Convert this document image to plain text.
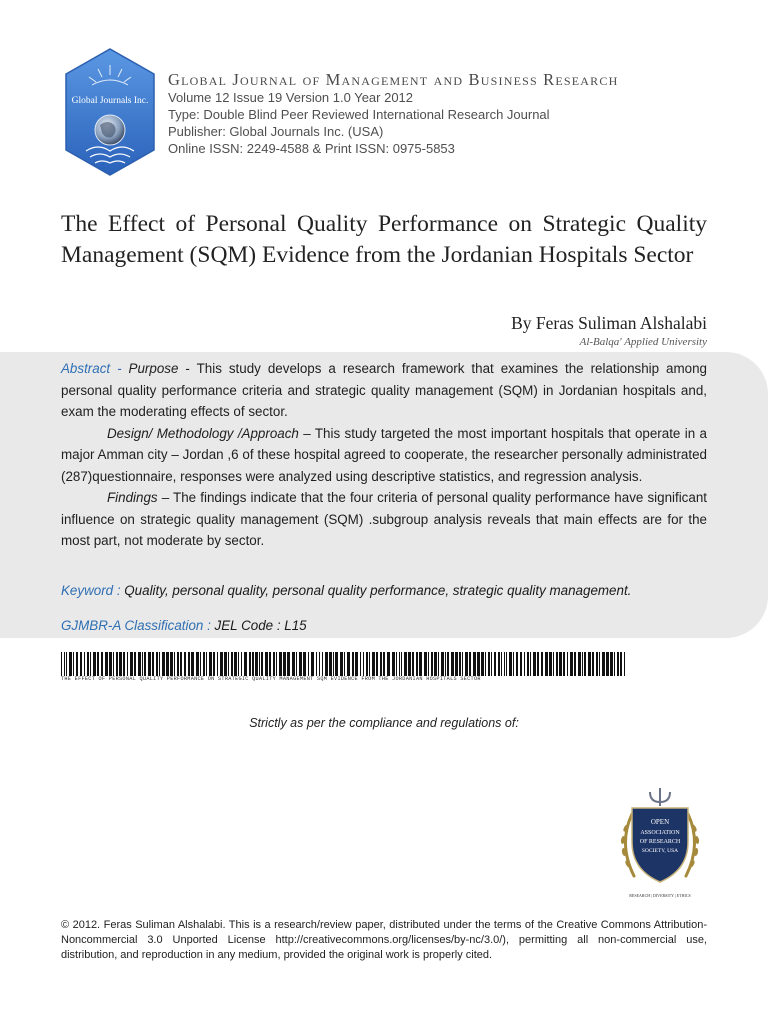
Global Journals Inc.
Global Journal of Management and Business Research
Volume 12 Issue 19 Version 1.0 Year 2012
Type: Double Blind Peer Reviewed International Research Journal
Publisher: Global Journals Inc. (USA)
Online ISSN: 2249-4588 & Print ISSN: 0975-5853
The Effect of Personal Quality Performance on Strategic Quality Management (SQM) Evidence from the Jordanian Hospitals Sector
By Feras Suliman Alshalabi
Al-Balqa' Applied University

Abstract - Purpose - This study develops a research framework that examines the relationship among personal quality performance criteria and strategic quality management (SQM) in Jordanian hospitals and, exam the moderating effects of sector.

Design/ Methodology /Approach – This study targeted the most important hospitals that operate in a major Amman city – Jordan ,6 of these hospital agreed to cooperate, the researcher personally administrated (287)questionnaire, responses were analyzed using descriptive statistics, and regression analysis.

Findings – The findings indicate that the four criteria of personal quality performance have significant influence on strategic quality management (SQM) .subgroup analysis reveals that main effects are for the most part, not moderate by sector.

Keyword : Quality, personal quality, personal quality performance, strategic quality management.
GJMBR-A Classification : JEL Code : L15
THE EFFECT OF PERSONAL QUALITY PERFORMANCE ON STRATEGIC QUALITY MANAGEMENT SQM EVIDENCE FROM THE JORDANIAN HOSPITALS SECTOR
Strictly as per the compliance and regulations of:
OPEN
ASSOCIATION
OF RESEARCH
SOCIETY, USA
RESEARCH | DIVERSITY | ETHICS
© 2012. Feras Suliman Alshalabi. This is a research/review paper, distributed under the terms of the Creative Commons Attribution-Noncommercial 3.0 Unported License http://creativecommons.org/licenses/by-nc/3.0/), permitting all non-commercial use, distribution, and reproduction in any medium, provided the original work is properly cited.
